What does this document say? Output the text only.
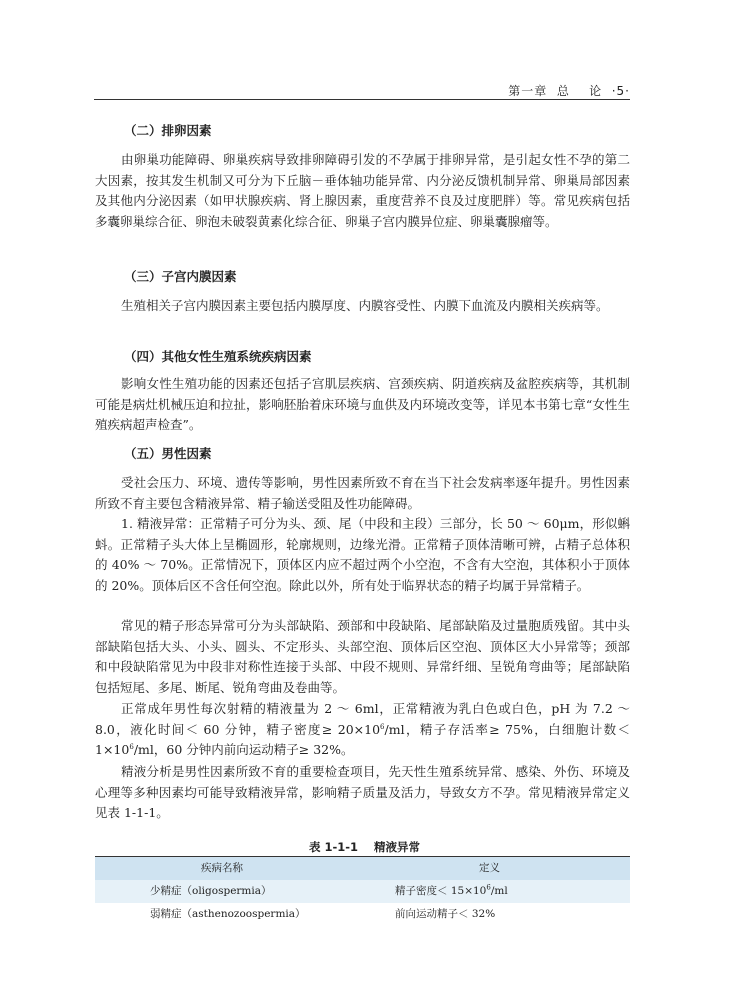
第一章  总    论  ·5·
（二）排卵因素
由卵巢功能障碍、卵巢疾病导致排卵障碍引发的不孕属于排卵异常，是引起女性不孕的第二大因素，按其发生机制又可分为下丘脑－垂体轴功能异常、内分泌反馈机制异常、卵巢局部因素及其他内分泌因素（如甲状腺疾病、肾上腺因素，重度营养不良及过度肥胖）等。常见疾病包括多囊卵巢综合征、卵泡未破裂黄素化综合征、卵巢子宫内膜异位症、卵巢囊腺瘤等。
（三）子宫内膜因素
生殖相关子宫内膜因素主要包括内膜厚度、内膜容受性、内膜下血流及内膜相关疾病等。
（四）其他女性生殖系统疾病因素
影响女性生殖功能的因素还包括子宫肌层疾病、宫颈疾病、阴道疾病及盆腔疾病等，其机制可能是病灶机械压迫和拉扯，影响胚胎着床环境与血供及内环境改变等，详见本书第七章“女性生殖疾病超声检查”。
（五）男性因素
受社会压力、环境、遗传等影响，男性因素所致不育在当下社会发病率逐年提升。男性因素所致不育主要包含精液异常、精子输送受阻及性功能障碍。
1. 精液异常：正常精子可分为头、颈、尾（中段和主段）三部分，长 50 ～ 60μm，形似蝌蚪。正常精子头大体上呈椭圆形，轮廓规则，边缘光滑。正常精子顶体清晰可辨，占精子总体积的 40% ～ 70%。正常情况下，顶体区内应不超过两个小空泡，不含有大空泡，其体积小于顶体的 20%。顶体后区不含任何空泡。除此以外，所有处于临界状态的精子均属于异常精子。
常见的精子形态异常可分为头部缺陷、颈部和中段缺陷、尾部缺陷及过量胞质残留。其中头部缺陷包括大头、小头、圆头、不定形头、头部空泡、顶体后区空泡、顶体区大小异常等；颈部和中段缺陷常见为中段非对称性连接于头部、中段不规则、异常纤细、呈锐角弯曲等；尾部缺陷包括短尾、多尾、断尾、锐角弯曲及卷曲等。
正常成年男性每次射精的精液量为 2 ～ 6ml，正常精液为乳白色或白色，pH 为 7.2 ～ 8.0，液化时间＜ 60 分钟，精子密度≥ $20\times 10^6/ml$，精子存活率≥ 75%，白细胞计数＜ $1\times 10^6/ml$，60 分钟内前向运动精子≥ 32%。
精液分析是男性因素所致不育的重要检查项目，先天性生殖系统异常、感染、外伤、环境及心理等多种因素均可能导致精液异常，影响精子质量及活力，导致女方不孕。常见精液异常定义见表 1-1-1。
表 1-1-1    精液异常
疾病名称	定义
少精症（oligospermia）	精子密度＜ $15\times 10^6/ml$
弱精症（asthenozoospermia）	前向运动精子＜ 32%
